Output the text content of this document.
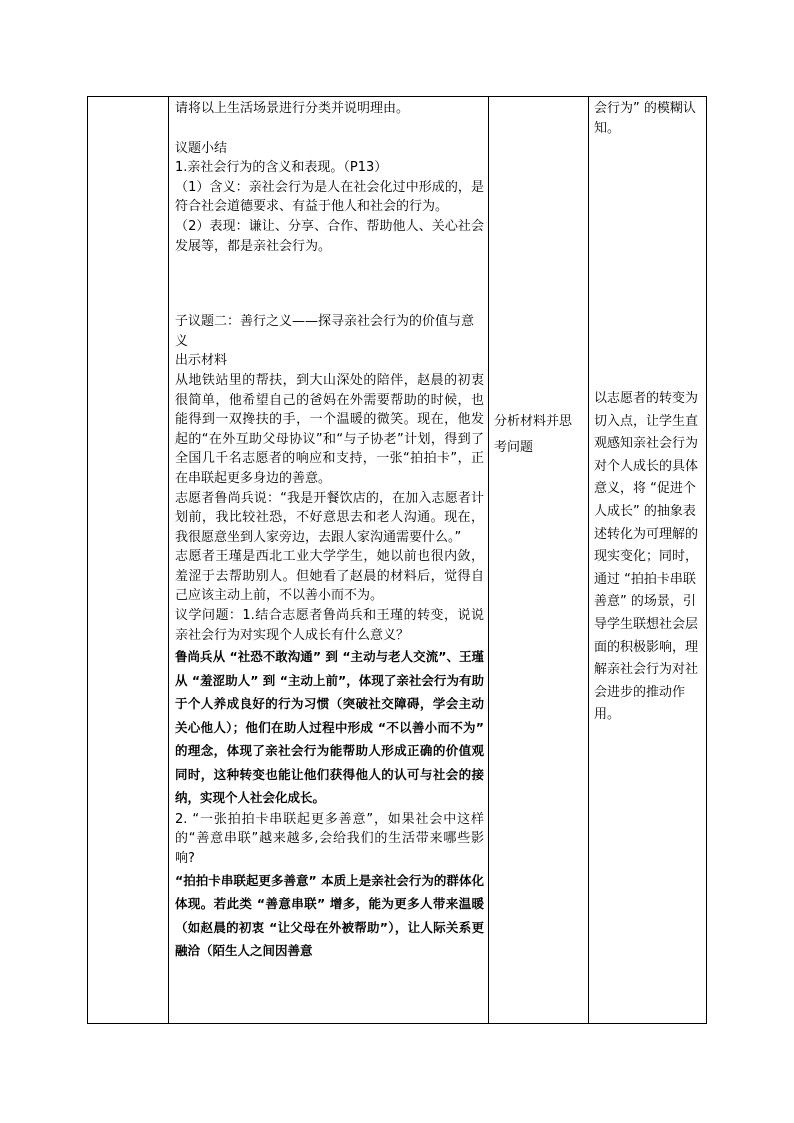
请将以上生活场景进行分类并说明理由。

议题小结

1.亲社会行为的含义和表现。（P13）

（1）含义：亲社会行为是人在社会化过中形成的，是符合社会道德要求、有益于他人和社会的行为。

（2）表现：谦让、分享、合作、帮助他人、关心社会发展等，都是亲社会行为。

子议题二：善行之义——探寻亲社会行为的价值与意义

出示材料

从地铁站里的帮扶，到大山深处的陪伴，赵晨的初衷很简单，他希望自己的爸妈在外需要帮助的时候，也能得到一双搀扶的手，一个温暖的微笑。现在，他发起的“在外互助父母协议”和“与子协老”计划，得到了全国几千名志愿者的响应和支持，一张“拍拍卡”，正在串联起更多身边的善意。

志愿者鲁尚兵说：“我是开餐饮店的，在加入志愿者计划前，我比较社恐，不好意思去和老人沟通。现在，我很愿意坐到人家旁边，去跟人家沟通需要什么。”

志愿者王瑾是西北工业大学学生，她以前也很内敛，羞涩于去帮助别人。但她看了赵晨的材料后，觉得自己应该主动上前，不以善小而不为。

议学问题：1.结合志愿者鲁尚兵和王瑾的转变，说说亲社会行为对实现个人成长有什么意义？

鲁尚兵从 “社恐不敢沟通” 到 “主动与老人交流”、王瑾从 “羞涩助人” 到 “主动上前”，体现了亲社会行为有助于个人养成良好的行为习惯（突破社交障碍，学会主动关心他人）；他们在助人过程中形成 “不以善小而不为” 的理念，体现了亲社会行为能帮助人形成正确的价值观 同时，这种转变也能让他们获得他人的认可与社会的接纳，实现个人社会化成长。

2. “一张拍拍卡串联起更多善意”，如果社会中这样的“善意串联”越来越多,会给我们的生活带来哪些影响?

“拍拍卡串联起更多善意” 本质上是亲社会行为的群体化体现。若此类 “善意串联” 增多，能为更多人带来温暖（如赵晨的初衷 “让父母在外被帮助”），让人际关系更融洽（陌生人之间因善意

分析材料并思考问题

会行为” 的模糊认知。

以志愿者的转变为切入点，让学生直观感知亲社会行为对个人成长的具体意义，将 “促进个人成长” 的抽象表述转化为可理解的现实变化；同时，通过 “拍拍卡串联善意” 的场景，引导学生联想社会层面的积极影响，理解亲社会行为对社会进步的推动作用。
